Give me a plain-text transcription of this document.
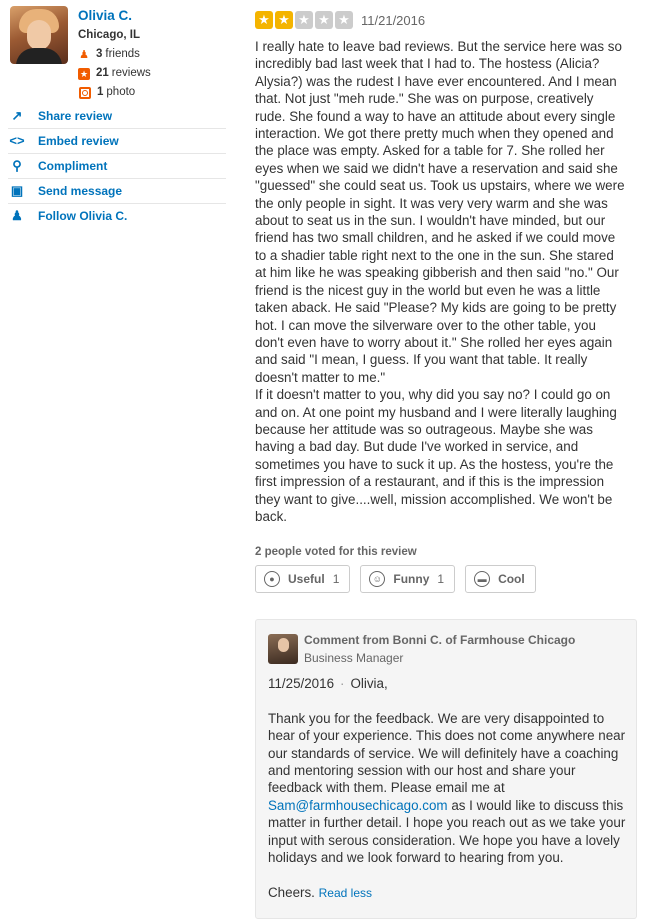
Olivia C.
Chicago, IL
♟ 3 friends
★ 21 reviews
1 photo
↗ Share review
<> Embed review
⚲	Compliment
▣ Send message
♟ Follow Olivia C.
★ ★ ★ ★ ★ 11/21/2016

I really hate to leave bad reviews. But the service here was so incredibly bad last week that I had to. The hostess (Alicia? Alysia?) was the rudest I have ever encountered. And I mean that. Not just "meh rude." She was on purpose, creatively rude. She found a way to have an attitude about every single interaction. We got there pretty much when they opened and the place was empty. Asked for a table for 7. She rolled her eyes when we said we didn't have a reservation and said she "guessed" she could seat us. Took us upstairs, where we were the only people in sight. It was very very warm and she was about to seat us in the sun. I wouldn't have minded, but our friend has two small children, and he asked if we could move to a shadier table right next to the one in the sun. She stared at him like he was speaking gibberish and then said "no." Our friend is the nicest guy in the world but even he was a little taken aback. He said "Please? My kids are going to be pretty hot. I can move the silverware over to the other table, you don't even have to worry about it." She rolled her eyes again and said "I mean, I guess. If you want that table. It really doesn't matter to me."

If it doesn't matter to you, why did you say no? I could go on and on. At one point my husband and I were literally laughing because her attitude was so outrageous. Maybe she was having a bad day. But dude I've worked in service, and sometimes you have to suck it up. As the hostess, you're the first impression of a restaurant, and if this is the impression they want to give....well, mission accomplished. We won't be back.

2 people voted for this review
●	Useful 1	☺ Funny 1	▬ Cool
Comment from Bonni C. of Farmhouse Chicago
Business Manager

11/25/2016 · Olivia,

Thank you for the feedback. We are very disappointed to hear of your experience. This does not come anywhere near our standards of service. We will definitely have a coaching and mentoring session with our host and share your feedback with them. Please email me at Sam@farmhousechicago.com as I would like to discuss this matter in further detail. I hope you reach out as we take your input with serous consideration. We hope you have a lovely holidays and we look forward to hearing from you.

Cheers. Read less
